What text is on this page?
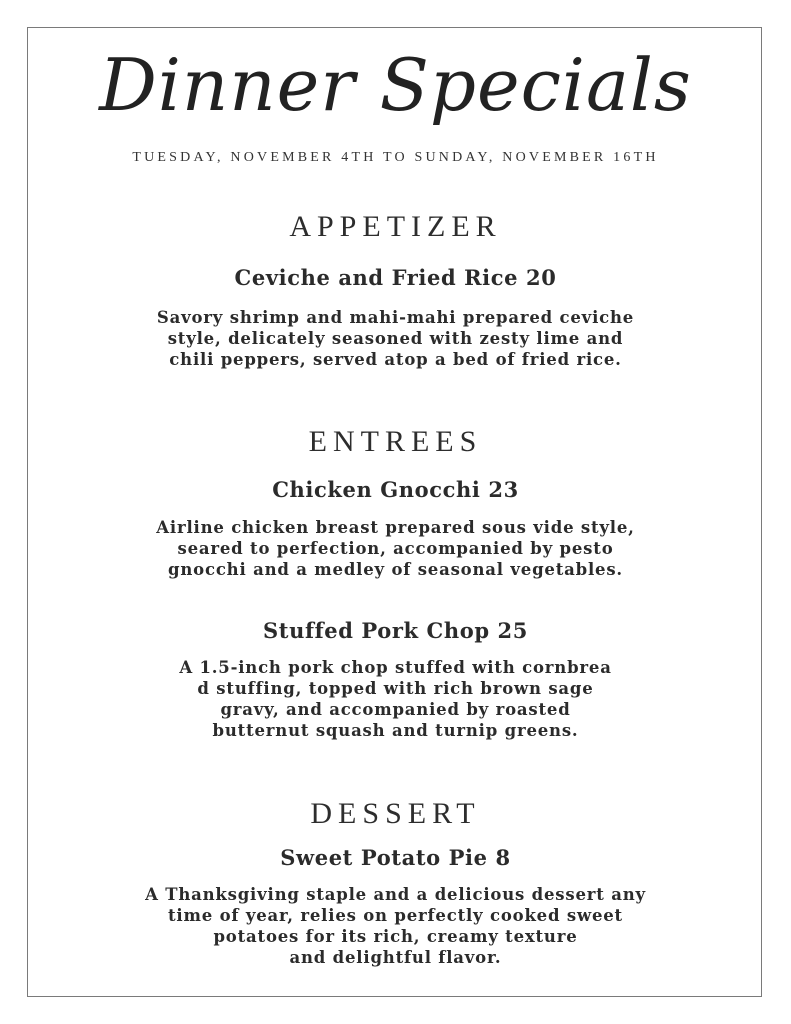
Dinner Specials
TUESDAY, NOVEMBER 4TH TO SUNDAY, NOVEMBER 16TH
APPETIZER
Ceviche and Fried Rice 20
Savory shrimp and mahi-mahi prepared ceviche
style, delicately seasoned with zesty lime and
chili peppers, served atop a bed of fried rice.
ENTREES
Chicken Gnocchi 23
Airline chicken breast prepared sous vide style,
seared to perfection, accompanied by pesto
gnocchi and a medley of seasonal vegetables.
Stuffed Pork Chop 25
A 1.5-inch pork chop stuffed with cornbrea
d stuffing, topped with rich brown sage
gravy, and accompanied by roasted
butternut squash and turnip greens.
DESSERT
Sweet Potato Pie 8
A Thanksgiving staple and a delicious dessert any
time of year, relies on perfectly cooked sweet
potatoes for its rich, creamy texture
and delightful flavor.
